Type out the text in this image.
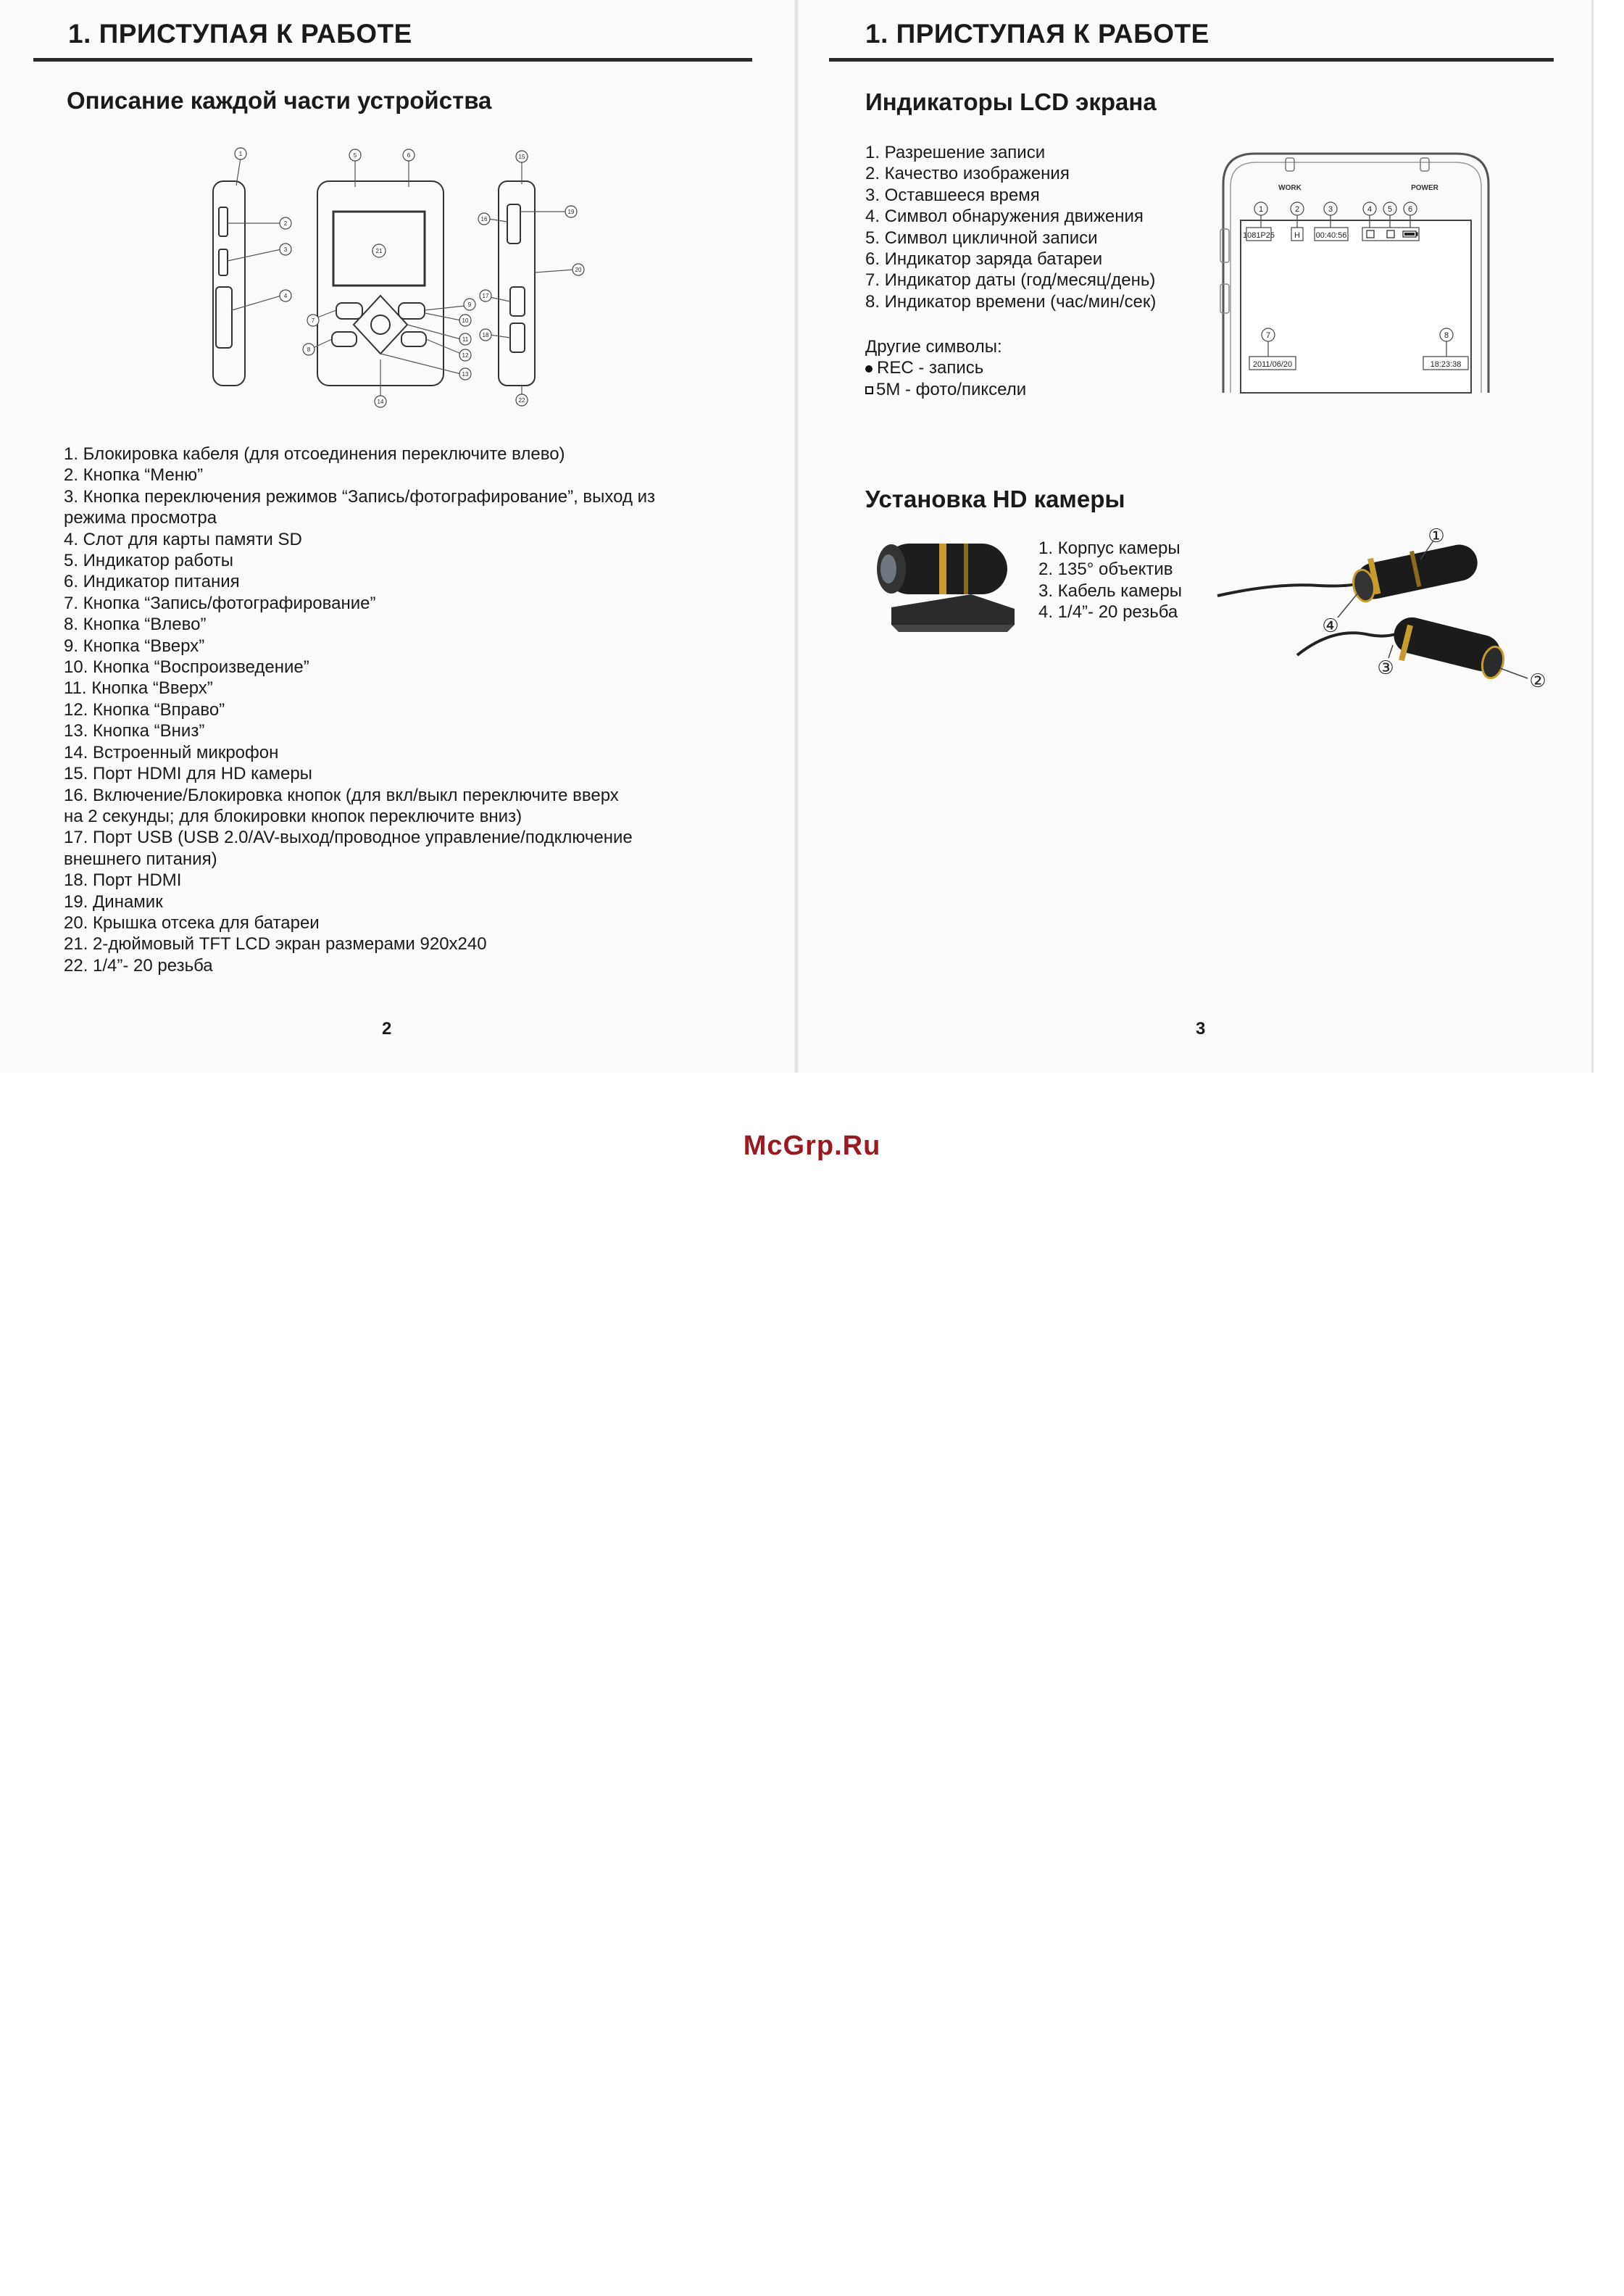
1. ПРИСТУПАЯ К РАБОТЕ
Описание каждой части устройства
1
2
3
4
5	6
7
8
9
10
11
12
13
14
17
18
16
19
20
15
21
22
1. Блокировка кабеля (для отсоединения переключите влево)
2. Кнопка “Меню”
3. Кнопка переключения режимов “Запись/фотографирование”, выход из
режима просмотра
4. Слот для карты памяти SD
5. Индикатор работы
6. Индикатор питания
7. Кнопка “Запись/фотографирование”
8. Кнопка “Влево”
9. Кнопка “Вверх”
10. Кнопка “Воспроизведение”
11. Кнопка “Вверх”
12. Кнопка “Вправо”
13. Кнопка “Вниз”
14. Встроенный микрофон
15. Порт HDMI для HD камеры
16. Включение/Блокировка кнопок (для вкл/выкл переключите вверх
на 2 секунды; для блокировки кнопок переключите вниз)
17. Порт USB (USB 2.0/AV-выход/проводное управление/подключение
внешнего питания)
18. Порт HDMI
19. Динамик
20. Крышка отсека для батареи
21. 2-дюймовый TFT LCD экран размерами 920x240
22. 1/4”- 20 резьба
2
1. ПРИСТУПАЯ К РАБОТЕ
Индикаторы LCD экрана
1. Разрешение записи
2. Качество изображения
3. Оставшееся время
4. Символ обнаружения движения
5. Символ цикличной записи
6. Индикатор заряда батареи
7. Индикатор даты (год/месяц/день)
8. Индикатор времени (час/мин/сек)
Другие символы:
REC - запись
5M - фото/пиксели
WORK	POWER
1	2	3	4 5 6
7	8
1081P25 H 00:40:56
2011/06/20	18:23:38
Установка HD камеры
1. Корпус камеры
2. 135° объектив
3. Кабель камеры
4. 1/4”- 20 резьба
①
②
③
④
3
McGrp.Ru
